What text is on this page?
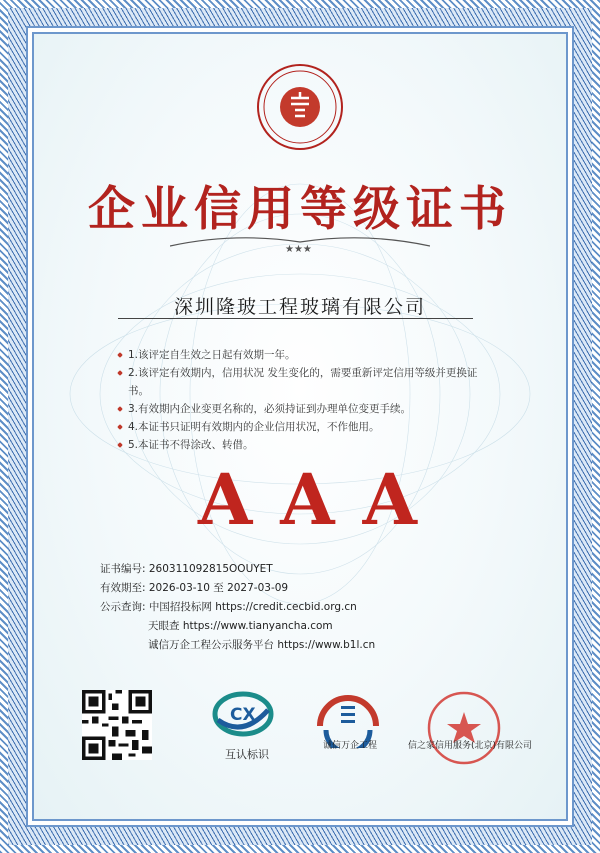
企业信用等级证书
★★★
深圳隆玻工程玻璃有限公司
1.该评定自生效之日起有效期一年。
2.该评定有效期内，信用状况 发生变化的，需要重新评定信用等级并更换证书。
3.有效期内企业变更名称的，必须持证到办理单位变更手续。
4.本证书只证明有效期内的企业信用状况，不作他用。
5.本证书不得涂改、转借。
AAA
证书编号: 260311092815OOUYET
有效期至: 2026-03-10 至 2027-03-09
公示查询: 中国招投标网 https://credit.cecbid.org.cn
天眼查 https://www.tianyancha.com
诚信万企工程公示服务平台 https://www.b1l.cn
CX
互认标识
诚信万企工程	信之家信用服务(北京)有限公司
